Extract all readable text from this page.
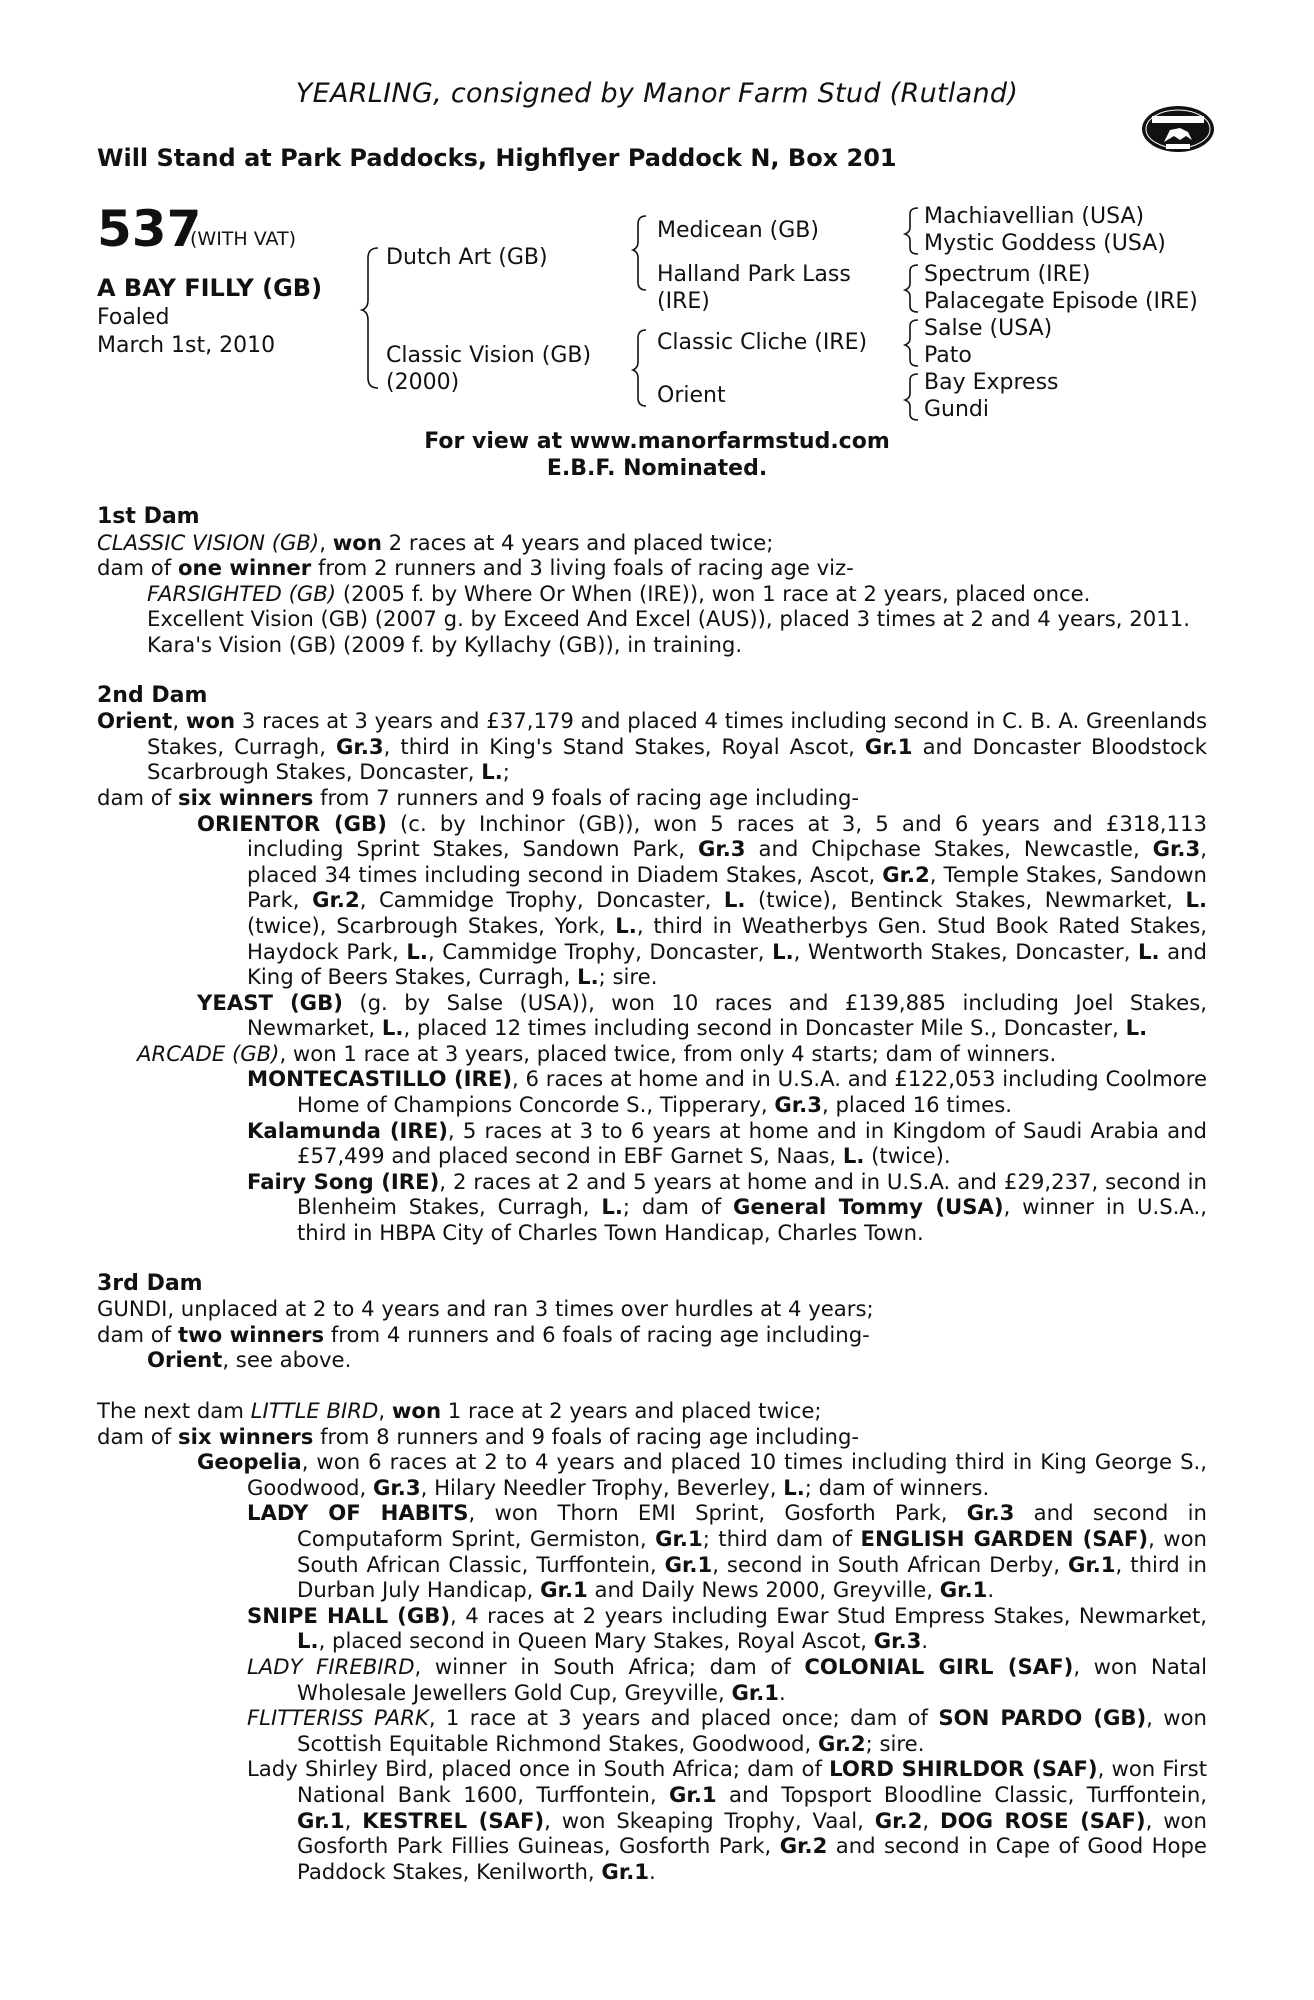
YEARLING, consigned by Manor Farm Stud (Rutland)
Will Stand at Park Paddocks, Highflyer Paddock N, Box 201
537
(WITH VAT)
A BAY FILLY (GB)
Foaled
March 1st, 2010
Dutch Art (GB)
Classic Vision (GB)
(2000)
Medicean (GB)
Halland Park Lass
(IRE)
Classic Cliche (IRE)
Orient
Machiavellian (USA)
Mystic Goddess (USA)
Spectrum (IRE)
Palacegate Episode (IRE)
Salse (USA)
Pato
Bay Express
Gundi
For view at www.manorfarmstud.com
E.B.F. Nominated.

1st Dam

CLASSIC VISION (GB), won 2 races at 4 years and placed twice;

dam of one winner from 2 runners and 3 living foals of racing age viz-

FARSIGHTED (GB) (2005 f. by Where Or When (IRE)), won 1 race at 2 years, placed once.

Excellent Vision (GB) (2007 g. by Exceed And Excel (AUS)), placed 3 times at 2 and 4 years, 2011.

Kara's Vision (GB) (2009 f. by Kyllachy (GB)), in training.

2nd Dam

Orient, won 3 races at 3 years and £37,179 and placed 4 times including second in C. B. A. Greenlands Stakes, Curragh, Gr.3, third in King's Stand Stakes, Royal Ascot, Gr.1 and Doncaster Bloodstock Scarbrough Stakes, Doncaster, L.;

dam of six winners from 7 runners and 9 foals of racing age including-

ORIENTOR (GB) (c. by Inchinor (GB)), won 5 races at 3, 5 and 6 years and £318,113 including Sprint Stakes, Sandown Park, Gr.3 and Chipchase Stakes, Newcastle, Gr.3, placed 34 times including second in Diadem Stakes, Ascot, Gr.2, Temple Stakes, Sandown Park, Gr.2, Cammidge Trophy, Doncaster, L. (twice), Bentinck Stakes, Newmarket, L. (twice), Scarbrough Stakes, York, L., third in Weatherbys Gen. Stud Book Rated Stakes, Haydock Park, L., Cammidge Trophy, Doncaster, L., Wentworth Stakes, Doncaster, L. and King of Beers Stakes, Curragh, L.; sire.

YEAST (GB) (g. by Salse (USA)), won 10 races and £139,885 including Joel Stakes, Newmarket, L., placed 12 times including second in Doncaster Mile S., Doncaster, L.

ARCADE (GB), won 1 race at 3 years, placed twice, from only 4 starts; dam of winners.

MONTECASTILLO (IRE), 6 races at home and in U.S.A. and £122,053 including Coolmore Home of Champions Concorde S., Tipperary, Gr.3, placed 16 times.

Kalamunda (IRE), 5 races at 3 to 6 years at home and in Kingdom of Saudi Arabia and £57,499 and placed second in EBF Garnet S, Naas, L. (twice).

Fairy Song (IRE), 2 races at 2 and 5 years at home and in U.S.A. and £29,237, second in Blenheim Stakes, Curragh, L.; dam of General Tommy (USA), winner in U.S.A., third in HBPA City of Charles Town Handicap, Charles Town.

3rd Dam

GUNDI, unplaced at 2 to 4 years and ran 3 times over hurdles at 4 years;

dam of two winners from 4 runners and 6 foals of racing age including-

Orient, see above.

The next dam LITTLE BIRD, won 1 race at 2 years and placed twice;

dam of six winners from 8 runners and 9 foals of racing age including-

Geopelia, won 6 races at 2 to 4 years and placed 10 times including third in King George S., Goodwood, Gr.3, Hilary Needler Trophy, Beverley, L.; dam of winners.

LADY OF HABITS, won Thorn EMI Sprint, Gosforth Park, Gr.3 and second in Computaform Sprint, Germiston, Gr.1; third dam of ENGLISH GARDEN (SAF), won South African Classic, Turffontein, Gr.1, second in South African Derby, Gr.1, third in Durban July Handicap, Gr.1 and Daily News 2000, Greyville, Gr.1.

SNIPE HALL (GB), 4 races at 2 years including Ewar Stud Empress Stakes, Newmarket, L., placed second in Queen Mary Stakes, Royal Ascot, Gr.3.

LADY FIREBIRD, winner in South Africa; dam of COLONIAL GIRL (SAF), won Natal Wholesale Jewellers Gold Cup, Greyville, Gr.1.

FLITTERISS PARK, 1 race at 3 years and placed once; dam of SON PARDO (GB), won Scottish Equitable Richmond Stakes, Goodwood, Gr.2; sire.

Lady Shirley Bird, placed once in South Africa; dam of LORD SHIRLDOR (SAF), won First National Bank 1600, Turffontein, Gr.1 and Topsport Bloodline Classic, Turffontein, Gr.1, KESTREL (SAF), won Skeaping Trophy, Vaal, Gr.2, DOG ROSE (SAF), won Gosforth Park Fillies Guineas, Gosforth Park, Gr.2 and second in Cape of Good Hope Paddock Stakes, Kenilworth, Gr.1.
